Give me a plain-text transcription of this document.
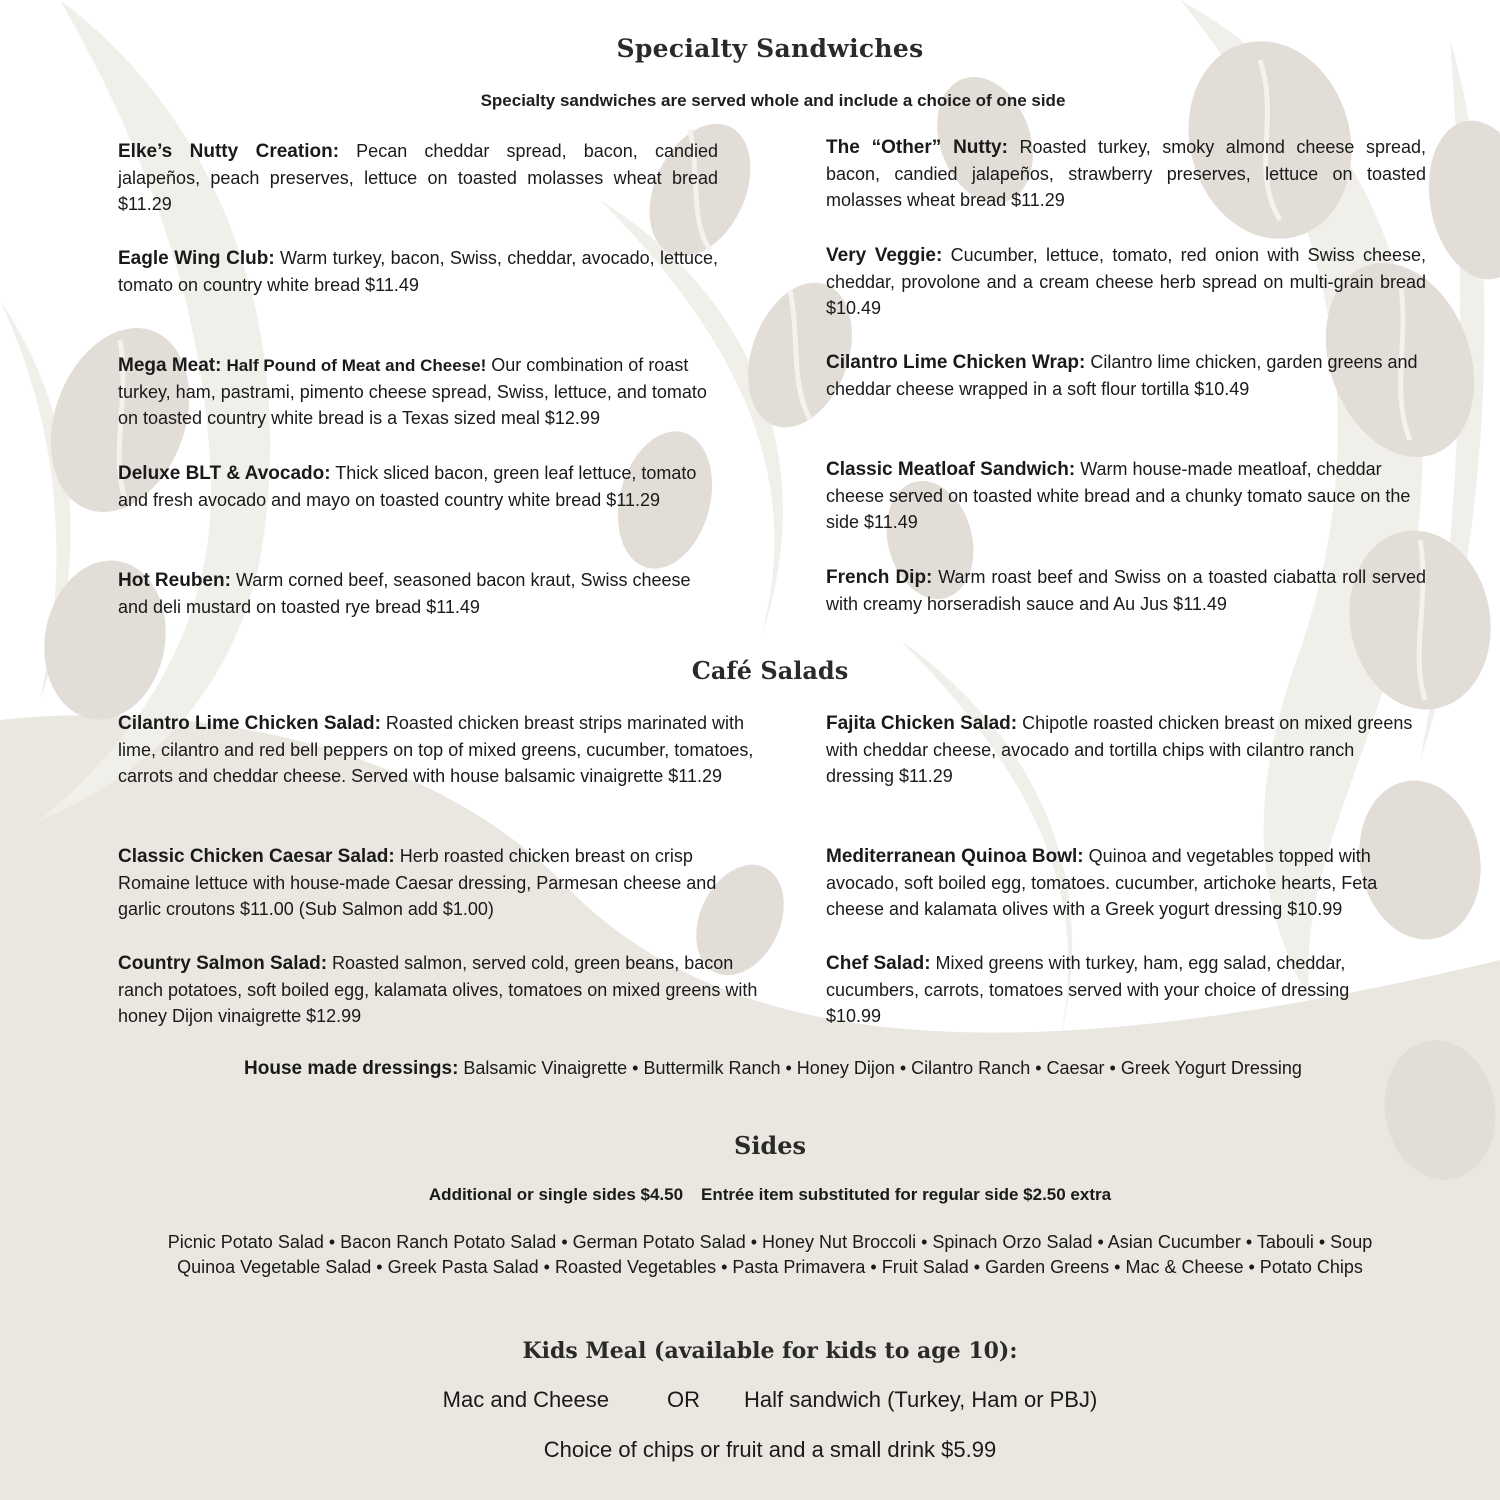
Specialty Sandwiches

Specialty sandwiches are served whole and include a choice of one side

Elke’s Nutty Creation: Pecan cheddar spread, bacon, candied jalapeños, peach preserves, lettuce on toasted molasses wheat bread $11.29

Eagle Wing Club: Warm turkey, bacon, Swiss, cheddar, avocado, lettuce, tomato on country white bread $11.49

Mega Meat: Half Pound of Meat and Cheese! Our combination of roast turkey, ham, pastrami, pimento cheese spread, Swiss, lettuce, and tomato on toasted country white bread is a Texas sized meal $12.99

Deluxe BLT & Avocado: Thick sliced bacon, green leaf lettuce, tomato and fresh avocado and mayo on toasted country white bread $11.29

Hot Reuben: Warm corned beef, seasoned bacon kraut, Swiss cheese and deli mustard on toasted rye bread $11.49

The “Other” Nutty: Roasted turkey, smoky almond cheese spread, bacon, candied jalapeños, strawberry preserves, lettuce on toasted molasses wheat bread $11.29

Very Veggie: Cucumber, lettuce, tomato, red onion with Swiss cheese, cheddar, provolone and a cream cheese herb spread on multi-grain bread $10.49

Cilantro Lime Chicken Wrap: Cilantro lime chicken, garden greens and cheddar cheese wrapped in a soft flour tortilla $10.49

Classic Meatloaf Sandwich: Warm house-made meatloaf, cheddar cheese served on toasted white bread and a chunky tomato sauce on the side $11.49

French Dip: Warm roast beef and Swiss on a toasted ciabatta roll served with creamy horseradish sauce and Au Jus $11.49

Café Salads

Cilantro Lime Chicken Salad: Roasted chicken breast strips marinated with lime, cilantro and red bell peppers on top of mixed greens, cucumber, tomatoes, carrots and cheddar cheese. Served with house balsamic vinaigrette $11.29

Classic Chicken Caesar Salad: Herb roasted chicken breast on crisp Romaine lettuce with house-made Caesar dressing, Parmesan cheese and garlic croutons $11.00 (Sub Salmon add $1.00)

Country Salmon Salad: Roasted salmon, served cold, green beans, bacon ranch potatoes, soft boiled egg, kalamata olives, tomatoes on mixed greens with honey Dijon vinaigrette $12.99

Fajita Chicken Salad: Chipotle roasted chicken breast on mixed greens with cheddar cheese, avocado and tortilla chips with cilantro ranch dressing $11.29

Mediterranean Quinoa Bowl: Quinoa and vegetables topped with avocado, soft boiled egg, tomatoes. cucumber, artichoke hearts, Feta cheese and kalamata olives with a Greek yogurt dressing $10.99

Chef Salad: Mixed greens with turkey, ham, egg salad, cheddar, cucumbers, carrots, tomatoes served with your choice of dressing $10.99

House made dressings: Balsamic Vinaigrette • Buttermilk Ranch • Honey Dijon • Cilantro Ranch • Caesar • Greek Yogurt Dressing

Sides

Additional or single sides $4.50 Entrée item substituted for regular side $2.50 extra

Picnic Potato Salad • Bacon Ranch Potato Salad • German Potato Salad • Honey Nut Broccoli • Spinach Orzo Salad • Asian Cucumber • Tabouli • Soup

Quinoa Vegetable Salad • Greek Pasta Salad • Roasted Vegetables • Pasta Primavera • Fruit Salad • Garden Greens • Mac & Cheese • Potato Chips

Kids Meal (available for kids to age 10):

Mac and Cheese	OR Half sandwich (Turkey, Ham or PBJ)

Choice of chips or fruit and a small drink $5.99
